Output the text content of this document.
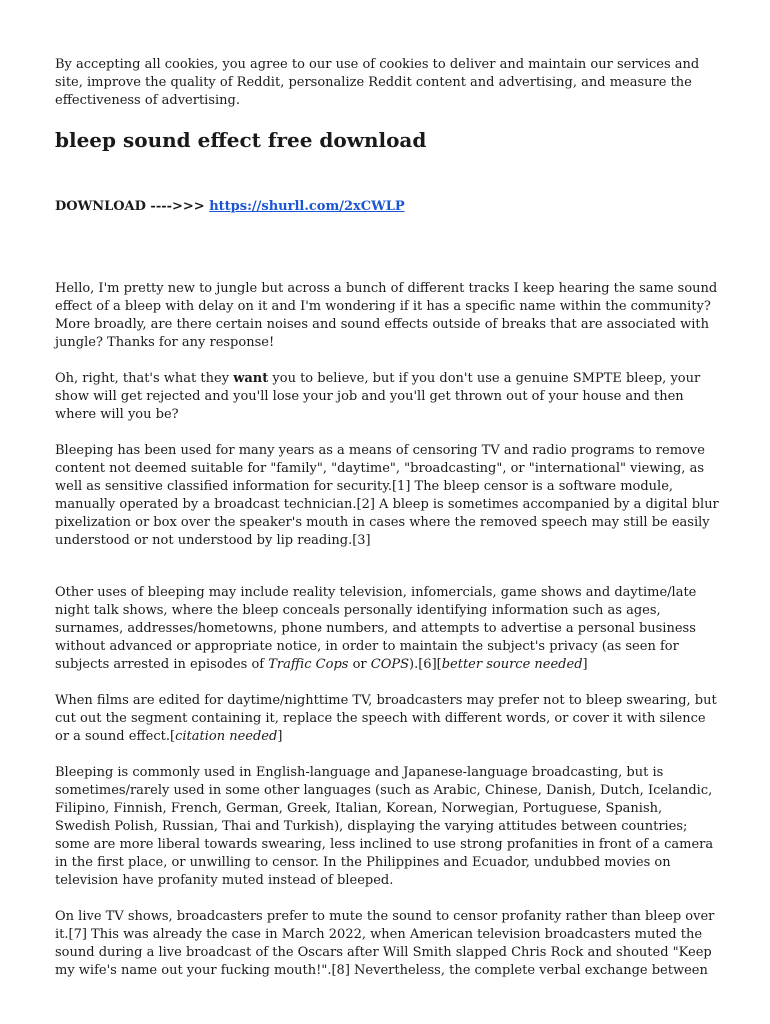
By accepting all cookies, you agree to our use of cookies to deliver and maintain our services and site, improve the quality of Reddit, personalize Reddit content and advertising, and measure the effectiveness of advertising.

bleep sound effect free download

DOWNLOAD ---->>> https://shurll.com/2xCWLP

Hello, I'm pretty new to jungle but across a bunch of different tracks I keep hearing the same sound effect of a bleep with delay on it and I'm wondering if it has a specific name within the community? More broadly, are there certain noises and sound effects outside of breaks that are associated with jungle? Thanks for any response!

Oh, right, that's what they want you to believe, but if you don't use a genuine SMPTE bleep, your show will get rejected and you'll lose your job and you'll get thrown out of your house and then where will you be?

Bleeping has been used for many years as a means of censoring TV and radio programs to remove content not deemed suitable for "family", "daytime", "broadcasting", or "international" viewing, as well as sensitive classified information for security.[1] The bleep censor is a software module, manually operated by a broadcast technician.[2] A bleep is sometimes accompanied by a digital blur pixelization or box over the speaker's mouth in cases where the removed speech may still be easily understood or not understood by lip reading.[3]

Other uses of bleeping may include reality television, infomercials, game shows and daytime/late night talk shows, where the bleep conceals personally identifying information such as ages, surnames, addresses/hometowns, phone numbers, and attempts to advertise a personal business without advanced or appropriate notice, in order to maintain the subject's privacy (as seen for subjects arrested in episodes of Traffic Cops or COPS).[6][better source needed]

When films are edited for daytime/nighttime TV, broadcasters may prefer not to bleep swearing, but cut out the segment containing it, replace the speech with different words, or cover it with silence or a sound effect.[citation needed]

Bleeping is commonly used in English-language and Japanese-language broadcasting, but is sometimes/rarely used in some other languages (such as Arabic, Chinese, Danish, Dutch, Icelandic, Filipino, Finnish, French, German, Greek, Italian, Korean, Norwegian, Portuguese, Spanish, Swedish Polish, Russian, Thai and Turkish), displaying the varying attitudes between countries; some are more liberal towards swearing, less inclined to use strong profanities in front of a camera in the first place, or unwilling to censor. In the Philippines and Ecuador, undubbed movies on television have profanity muted instead of bleeped.

On live TV shows, broadcasters prefer to mute the sound to censor profanity rather than bleep over it.[7] This was already the case in March 2022, when American television broadcasters muted the sound during a live broadcast of the Oscars after Will Smith slapped Chris Rock and shouted "Keep my wife's name out your fucking mouth!".[8] Nevertheless, the complete verbal exchange between
